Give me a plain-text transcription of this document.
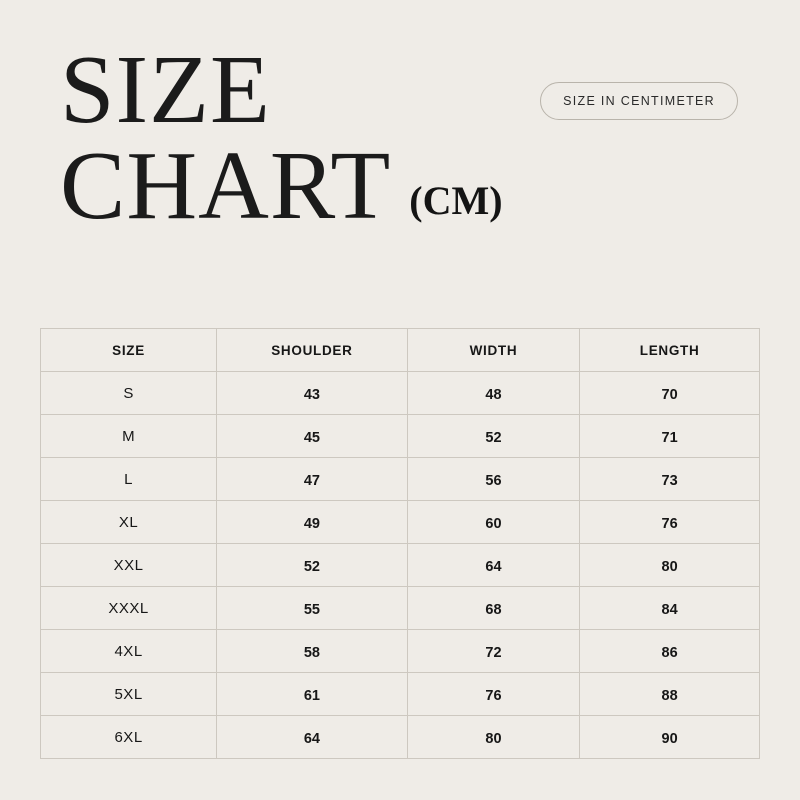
SIZE
CHART (CM)
SIZE IN CENTIMETER
SIZE	SHOULDER	WIDTH	LENGTH

S	43	48	70

M	45	52	71

L	47	56	73

XL	49	60	76

XXL	52	64	80

XXXL	55	68	84

4XL	58	72	86

5XL	61	76	88

6XL	64	80	90
